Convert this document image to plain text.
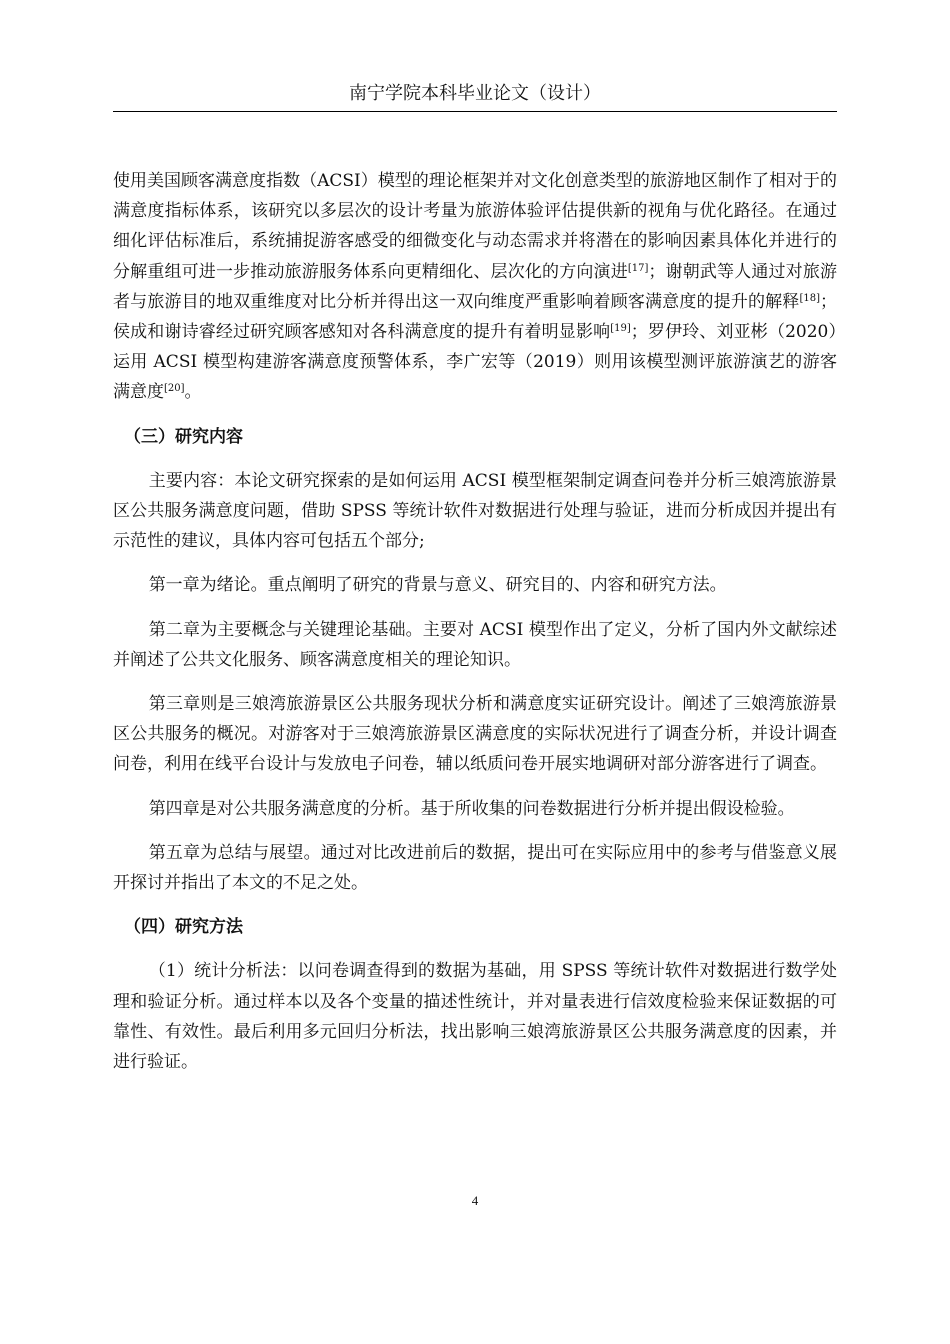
南宁学院本科毕业论文（设计）

使用美国顾客满意度指数（ACSI）模型的理论框架并对文化创意类型的旅游地区制作了相对于的满意度指标体系，该研究以多层次的设计考量为旅游体验评估提供新的视角与优化路径。在通过细化评估标准后，系统捕捉游客感受的细微变化与动态需求并将潜在的影响因素具体化并进行的分解重组可进一步推动旅游服务体系向更精细化、层次化的方向演进[17]；谢朝武等人通过对旅游者与旅游目的地双重维度对比分析并得出这一双向维度严重影响着顾客满意度的提升的解释[18]；侯成和谢诗睿经过研究顾客感知对各科满意度的提升有着明显影响[19]；罗伊玲、刘亚彬（2020）运用 ACSI 模型构建游客满意度预警体系，李广宏等（2019）则用该模型测评旅游演艺的游客满意度[20]。

（三）研究内容

主要内容：本论文研究探索的是如何运用 ACSI 模型框架制定调查问卷并分析三娘湾旅游景区公共服务满意度问题，借助 SPSS 等统计软件对数据进行处理与验证，进而分析成因并提出有示范性的建议，具体内容可包括五个部分;

第一章为绪论。重点阐明了研究的背景与意义、研究目的、内容和研究方法。

第二章为主要概念与关键理论基础。主要对 ACSI 模型作出了定义，分析了国内外文献综述并阐述了公共文化服务、顾客满意度相关的理论知识。

第三章则是三娘湾旅游景区公共服务现状分析和满意度实证研究设计。阐述了三娘湾旅游景区公共服务的概况。对游客对于三娘湾旅游景区满意度的实际状况进行了调查分析，并设计调查问卷，利用在线平台设计与发放电子问卷，辅以纸质问卷开展实地调研对部分游客进行了调查。

第四章是对公共服务满意度的分析。基于所收集的问卷数据进行分析并提出假设检验。

第五章为总结与展望。通过对比改进前后的数据，提出可在实际应用中的参考与借鉴意义展开探讨并指出了本文的不足之处。

（四）研究方法

（1）统计分析法：以问卷调查得到的数据为基础，用 SPSS 等统计软件对数据进行数学处理和验证分析。通过样本以及各个变量的描述性统计，并对量表进行信效度检验来保证数据的可靠性、有效性。最后利用多元回归分析法，找出影响三娘湾旅游景区公共服务满意度的因素，并进行验证。

4
